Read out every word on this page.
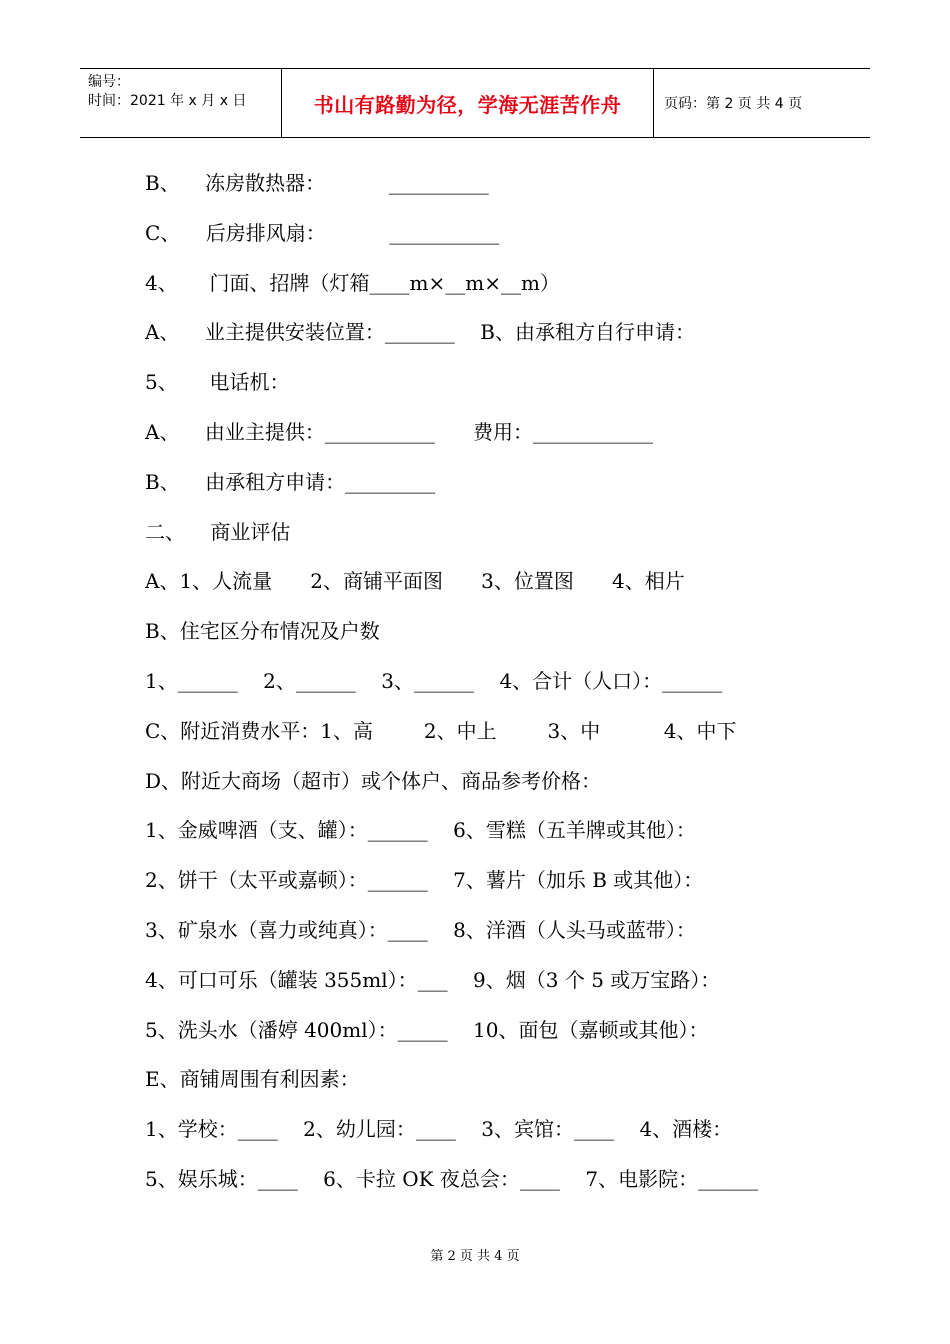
编号：
时间：2021 年 x 月 x 日	书山有路勤为径，学海无涯苦作舟	页码：第 2 页 共 4 页
B、    冻房散热器：          __________
C、    后房排风扇：          ___________
4、     门面、招牌（灯箱____m×__m×__m）
A、    业主提供安装位置：_______    B、由承租方自行申请：
5、     电话机：
A、    由业主提供：___________      费用：____________
B、    由承租方申请：_________
二、    商业评估
A、1、人流量      2、商铺平面图      3、位置图      4、相片
B、住宅区分布情况及户数
1、______    2、______    3、______    4、合计（人口）：______
C、附近消费水平：1、高        2、中上        3、中          4、中下
D、附近大商场（超市）或个体户、商品参考价格：
1、金威啤酒（支、罐）：______    6、雪糕（五羊牌或其他）：
2、饼干（太平或嘉顿）：______    7、薯片（加乐 B 或其他）：
3、矿泉水（喜力或纯真）：____    8、洋酒（人头马或蓝带）：
4、可口可乐（罐装 355ml）：___    9、烟（3 个 5 或万宝路）：
5、洗头水（潘婷 400ml）：_____    10、面包（嘉顿或其他）：
E、商铺周围有利因素：
1、学校：____    2、幼儿园：____    3、宾馆：____    4、酒楼：
5、娱乐城：____    6、卡拉 OK 夜总会：____    7、电影院：______
第 2 页 共 4 页
